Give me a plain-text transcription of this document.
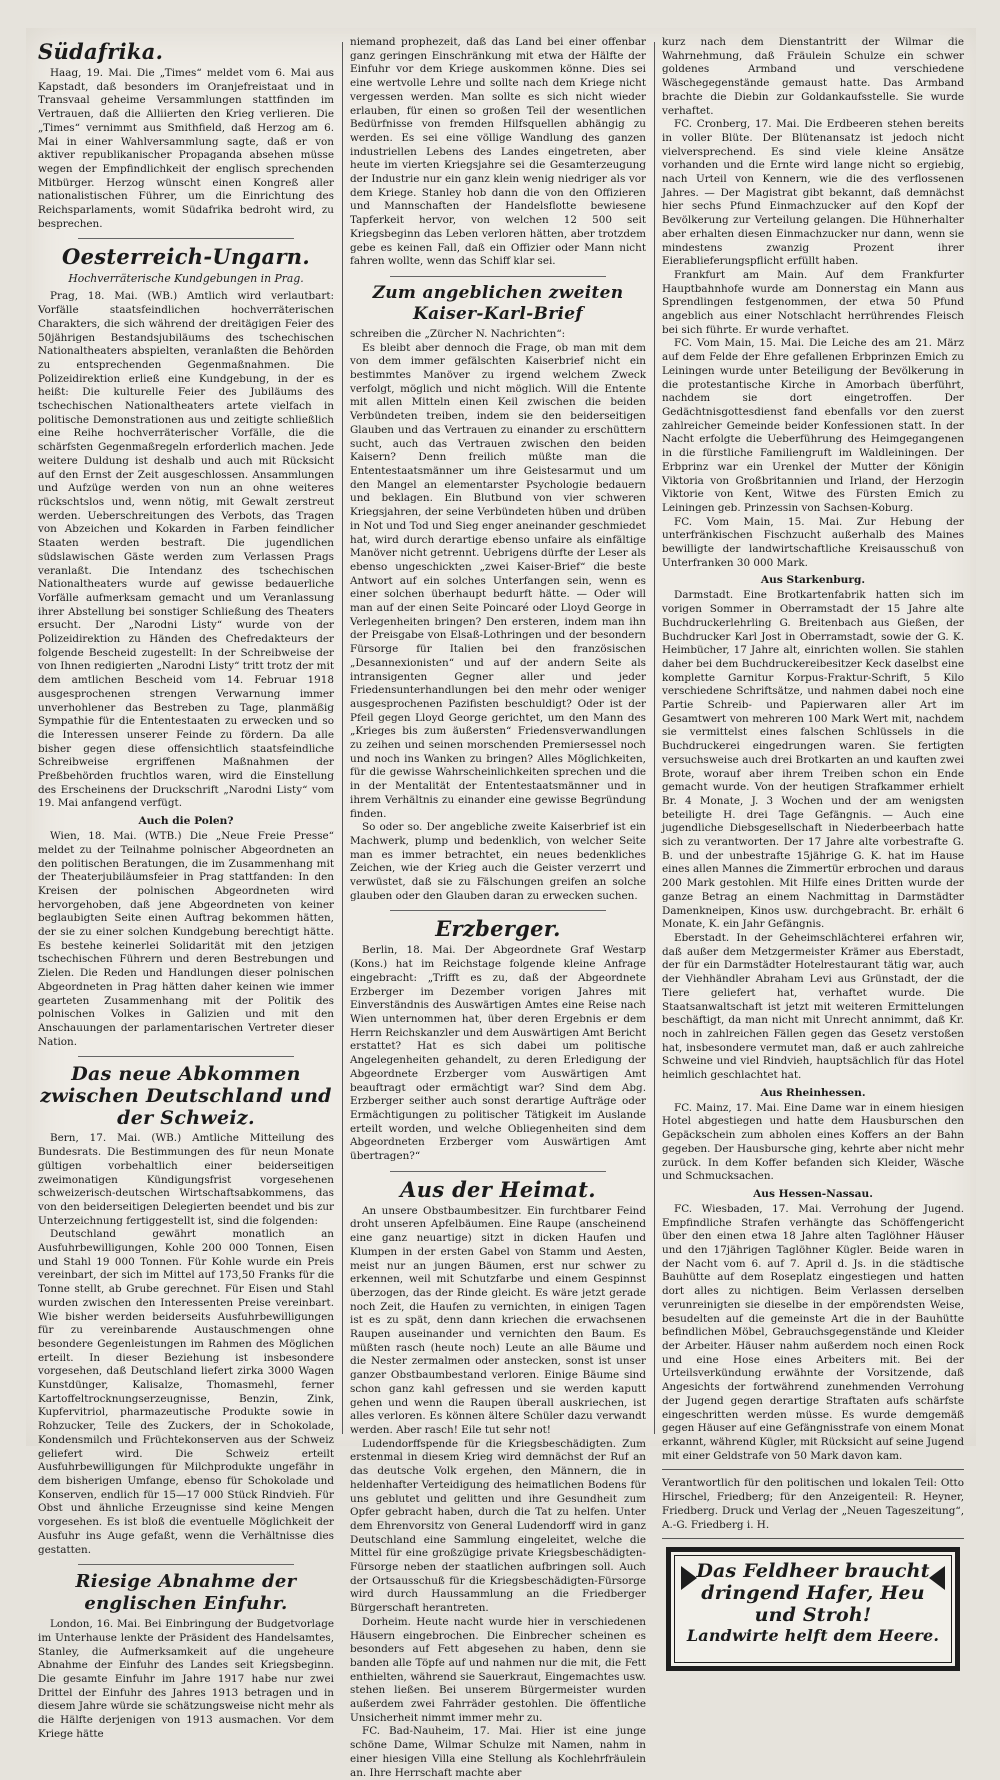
Südafrika.

Haag, 19. Mai. Die „Times“ meldet vom 6. Mai aus Kapstadt, daß besonders im Oranjefreistaat und in Transvaal geheime Versammlungen stattfinden im Vertrauen, daß die Alliierten den Krieg verlieren. Die „Times“ vernimmt aus Smithfield, daß Herzog am 6. Mai in einer Wahlversammlung sagte, daß er von aktiver republikanischer Propaganda absehen müsse wegen der Empfindlichkeit der englisch sprechenden Mitbürger. Herzog wünscht einen Kongreß aller nationalistischen Führer, um die Einrichtung des Reichsparlaments, womit Südafrika bedroht wird, zu besprechen.

Oesterreich-Ungarn.
Hochverräterische Kundgebungen in Prag.

Prag, 18. Mai. (WB.) Amtlich wird verlautbart: Vorfälle staatsfeindlichen hochverräterischen Charakters, die sich während der dreitägigen Feier des 50jährigen Bestandsjubiläums des tschechischen Nationaltheaters abspielten, veranlaßten die Behörden zu entsprechenden Gegenmaßnahmen. Die Polizeidirektion erließ eine Kundgebung, in der es heißt: Die kulturelle Feier des Jubiläums des tschechischen Nationaltheaters artete vielfach in politische Demonstrationen aus und zeitigte schließlich eine Reihe hochverräterischer Vorfälle, die die schärfsten Gegenmaßregeln erforderlich machen. Jede weitere Duldung ist deshalb und auch mit Rücksicht auf den Ernst der Zeit ausgeschlossen. Ansammlungen und Aufzüge werden von nun an ohne weiteres rückschtslos und, wenn nötig, mit Gewalt zerstreut werden. Ueberschreitungen des Verbots, das Tragen von Abzeichen und Kokarden in Farben feindlicher Staaten werden bestraft. Die jugendlichen südslawischen Gäste werden zum Verlassen Prags veranlaßt. Die Intendanz des tschechischen Nationaltheaters wurde auf gewisse bedauerliche Vorfälle aufmerksam gemacht und um Veranlassung ihrer Abstellung bei sonstiger Schließung des Theaters ersucht. Der „Narodni Listy“ wurde von der Polizeidirektion zu Händen des Chefredakteurs der folgende Bescheid zugestellt: In der Schreibweise der von Ihnen redigierten „Narodni Listy“ tritt trotz der mit dem amtlichen Bescheid vom 14. Februar 1918 ausgesprochenen strengen Verwarnung immer unverhohlener das Bestreben zu Tage, planmäßig Sympathie für die Ententestaaten zu erwecken und so die Interessen unserer Feinde zu fördern. Da alle bisher gegen diese offensichtlich staatsfeindliche Schreibweise ergriffenen Maßnahmen der Preßbehörden fruchtlos waren, wird die Einstellung des Erscheinens der Druckschrift „Narodni Listy“ vom 19. Mai anfangend verfügt.

Auch die Polen?

Wien, 18. Mai. (WTB.) Die „Neue Freie Presse“ meldet zu der Teilnahme polnischer Abgeordneten an den politischen Beratungen, die im Zusammenhang mit der Theaterjubiläumsfeier in Prag stattfanden: In den Kreisen der polnischen Abgeordneten wird hervorgehoben, daß jene Abgeordneten von keiner beglaubigten Seite einen Auftrag bekommen hätten, der sie zu einer solchen Kundgebung berechtigt hätte. Es bestehe keinerlei Solidarität mit den jetzigen tschechischen Führern und deren Bestrebungen und Zielen. Die Reden und Handlungen dieser polnischen Abgeordneten in Prag hätten daher keinen wie immer gearteten Zusammenhang mit der Politik des polnischen Volkes in Galizien und mit den Anschauungen der parlamentarischen Vertreter dieser Nation.

Das neue Abkommen zwischen Deutschland und der Schweiz.

Bern, 17. Mai. (WB.) Amtliche Mitteilung des Bundesrats. Die Bestimmungen des für neun Monate gültigen vorbehaltlich einer beiderseitigen zweimonatigen Kündigungsfrist vorgesehenen schweizerisch-deutschen Wirtschaftsabkommens, das von den beiderseitigen Delegierten beendet und bis zur Unterzeichnung fertiggestellt ist, sind die folgenden:

Deutschland gewährt monatlich an Ausfuhrbewilligungen, Kohle 200 000 Tonnen, Eisen und Stahl 19 000 Tonnen. Für Kohle wurde ein Preis vereinbart, der sich im Mittel auf 173,50 Franks für die Tonne stellt, ab Grube gerechnet. Für Eisen und Stahl wurden zwischen den Interessenten Preise vereinbart. Wie bisher werden beiderseits Ausfuhrbewilligungen für zu vereinbarende Austauschmengen ohne besondere Gegenleistungen im Rahmen des Möglichen erteilt. In dieser Beziehung ist insbesondere vorgesehen, daß Deutschland liefert zirka 3000 Wagen Kunstdünger, Kalisalze, Thomasmehl, ferner Kartoffeltrocknungserzeugnisse, Benzin, Zink, Kupfervitriol, pharmazeutische Produkte sowie in Rohzucker, Teile des Zuckers, der in Schokolade, Kondensmilch und Früchtekonserven aus der Schweiz geliefert wird. Die Schweiz erteilt Ausfuhrbewilligungen für Milchprodukte ungefähr in dem bisherigen Umfange, ebenso für Schokolade und Konserven, endlich für 15—17 000 Stück Rindvieh. Für Obst und ähnliche Erzeugnisse sind keine Mengen vorgesehen. Es ist bloß die eventuelle Möglichkeit der Ausfuhr ins Auge gefaßt, wenn die Verhältnisse dies gestatten.

Riesige Abnahme der englischen Einfuhr.

London, 16. Mai. Bei Einbringung der Budgetvorlage im Unterhause lenkte der Präsident des Handelsamtes, Stanley, die Aufmerksamkeit auf die ungeheure Abnahme der Einfuhr des Landes seit Kriegsbeginn. Die gesamte Einfuhr im Jahre 1917 habe nur zwei Drittel der Einfuhr des Jahres 1913 betragen und in diesem Jahre würde sie schätzungsweise nicht mehr als die Hälfte derjenigen von 1913 ausmachen. Vor dem Kriege hätte

niemand prophezeit, daß das Land bei einer offenbar ganz geringen Einschränkung mit etwa der Hälfte der Einfuhr vor dem Kriege auskommen könne. Dies sei eine wertvolle Lehre und sollte nach dem Kriege nicht vergessen werden. Man sollte es sich nicht wieder erlauben, für einen so großen Teil der wesentlichen Bedürfnisse von fremden Hilfsquellen abhängig zu werden. Es sei eine völlige Wandlung des ganzen industriellen Lebens des Landes eingetreten, aber heute im vierten Kriegsjahre sei die Gesamterzeugung der Industrie nur ein ganz klein wenig niedriger als vor dem Kriege. Stanley hob dann die von den Offizieren und Mannschaften der Handelsflotte bewiesene Tapferkeit hervor, von welchen 12 500 seit Kriegsbeginn das Leben verloren hätten, aber trotzdem gebe es keinen Fall, daß ein Offizier oder Mann nicht fahren wollte, wenn das Schiff klar sei.

Zum angeblichen zweiten Kaiser-Karl-Brief

schreiben die „Zürcher N. Nachrichten“:

Es bleibt aber dennoch die Frage, ob man mit dem von dem immer gefälschten Kaiserbrief nicht ein bestimmtes Manöver zu irgend welchem Zweck verfolgt, möglich und nicht möglich. Will die Entente mit allen Mitteln einen Keil zwischen die beiden Verbündeten treiben, indem sie den beiderseitigen Glauben und das Vertrauen zu einander zu erschüttern sucht, auch das Vertrauen zwischen den beiden Kaisern? Denn freilich müßte man die Ententestaatsmänner um ihre Geistesarmut und um den Mangel an elementarster Psychologie bedauern und beklagen. Ein Blutbund von vier schweren Kriegsjahren, der seine Verbündeten hüben und drüben in Not und Tod und Sieg enger aneinander geschmiedet hat, wird durch derartige ebenso unfaire als einfältige Manöver nicht getrennt. Uebrigens dürfte der Leser als ebenso ungeschickten „zwei Kaiser-Brief“ die beste Antwort auf ein solches Unterfangen sein, wenn es einer solchen überhaupt bedurft hätte. — Oder will man auf der einen Seite Poincaré oder Lloyd George in Verlegenheiten bringen? Den ersteren, indem man ihn der Preisgabe von Elsaß-Lothringen und der besondern Fürsorge für Italien bei den französischen „Desannexionisten“ und auf der andern Seite als intransigenten Gegner aller und jeder Friedensunterhandlungen bei den mehr oder weniger ausgesprochenen Pazifisten beschuldigt? Oder ist der Pfeil gegen Lloyd George gerichtet, um den Mann des „Krieges bis zum äußersten“ Friedensverwandlungen zu zeihen und seinen morschenden Premiersessel noch und noch ins Wanken zu bringen? Alles Möglichkeiten, für die gewisse Wahrscheinlichkeiten sprechen und die in der Mentalität der Ententestaatsmänner und in ihrem Verhältnis zu einander eine gewisse Begründung finden.

So oder so. Der angebliche zweite Kaiserbrief ist ein Machwerk, plump und bedenklich, von welcher Seite man es immer betrachtet, ein neues bedenkliches Zeichen, wie der Krieg auch die Geister verzerrt und verwüstet, daß sie zu Fälschungen greifen an solche glauben oder den Glauben daran zu erwecken suchen.

Erzberger.

Berlin, 18. Mai. Der Abgeordnete Graf Westarp (Kons.) hat im Reichstage folgende kleine Anfrage eingebracht: „Trifft es zu, daß der Abgeordnete Erzberger im Dezember vorigen Jahres mit Einverständnis des Auswärtigen Amtes eine Reise nach Wien unternommen hat, über deren Ergebnis er dem Herrn Reichskanzler und dem Auswärtigen Amt Bericht erstattet? Hat es sich dabei um politische Angelegenheiten gehandelt, zu deren Erledigung der Abgeordnete Erzberger vom Auswärtigen Amt beauftragt oder ermächtigt war? Sind dem Abg. Erzberger seither auch sonst derartige Aufträge oder Ermächtigungen zu politischer Tätigkeit im Auslande erteilt worden, und welche Obliegenheiten sind dem Abgeordneten Erzberger vom Auswärtigen Amt übertragen?“

Aus der Heimat.

An unsere Obstbaumbesitzer. Ein furchtbarer Feind droht unseren Apfelbäumen. Eine Raupe (anscheinend eine ganz neuartige) sitzt in dicken Haufen und Klumpen in der ersten Gabel von Stamm und Aesten, meist nur an jungen Bäumen, erst nur schwer zu erkennen, weil mit Schutzfarbe und einem Gespinnst überzogen, das der Rinde gleicht. Es wäre jetzt gerade noch Zeit, die Haufen zu vernichten, in einigen Tagen ist es zu spät, denn dann kriechen die erwachsenen Raupen auseinander und vernichten den Baum. Es müßten rasch (heute noch) Leute an alle Bäume und die Nester zermalmen oder anstecken, sonst ist unser ganzer Obstbaumbestand verloren. Einige Bäume sind schon ganz kahl gefressen und sie werden kaputt gehen und wenn die Raupen überall auskriechen, ist alles verloren. Es können ältere Schüler dazu verwandt werden. Aber rasch! Eile tut sehr not!

Ludendorffspende für die Kriegsbeschädigten. Zum erstenmal in diesem Krieg wird demnächst der Ruf an das deutsche Volk ergehen, den Männern, die in heldenhafter Verteidigung des heimatlichen Bodens für uns geblutet und gelitten und ihre Gesundheit zum Opfer gebracht haben, durch die Tat zu helfen. Unter dem Ehrenvorsitz von General Ludendorff wird in ganz Deutschland eine Sammlung eingeleitet, welche die Mittel für eine großzügige private Kriegsbeschädigten-Fürsorge neben der staatlichen aufbringen soll. Auch der Ortsausschuß für die Kriegsbeschädigten-Fürsorge wird durch Haussammlung an die Friedberger Bürgerschaft herantreten.

Dorheim. Heute nacht wurde hier in verschiedenen Häusern eingebrochen. Die Einbrecher scheinen es besonders auf Fett abgesehen zu haben, denn sie banden alle Töpfe auf und nahmen nur die mit, die Fett enthielten, während sie Sauerkraut, Eingemachtes usw. stehen ließen. Bei unserem Bürgermeister wurden außerdem zwei Fahrräder gestohlen. Die öffentliche Unsicherheit nimmt immer mehr zu.

FC. Bad-Nauheim, 17. Mai. Hier ist eine junge schöne Dame, Wilmar Schulze mit Namen, nahm in einer hiesigen Villa eine Stellung als Kochlehrfräulein an. Ihre Herrschaft machte aber

kurz nach dem Dienstantritt der Wilmar die Wahrnehmung, daß Fräulein Schulze ein schwer goldenes Armband und verschiedene Wäschegegenstände gemaust hatte. Das Armband brachte die Diebin zur Goldankaufsstelle. Sie wurde verhaftet.

FC. Cronberg, 17. Mai. Die Erdbeeren stehen bereits in voller Blüte. Der Blütenansatz ist jedoch nicht vielversprechend. Es sind viele kleine Ansätze vorhanden und die Ernte wird lange nicht so ergiebig, nach Urteil von Kennern, wie die des verflossenen Jahres. — Der Magistrat gibt bekannt, daß demnächst hier sechs Pfund Einmachzucker auf den Kopf der Bevölkerung zur Verteilung gelangen. Die Hühnerhalter aber erhalten diesen Einmachzucker nur dann, wenn sie mindestens zwanzig Prozent ihrer Eierablieferungspflicht erfüllt haben.

Frankfurt am Main. Auf dem Frankfurter Hauptbahnhofe wurde am Donnerstag ein Mann aus Sprendlingen festgenommen, der etwa 50 Pfund angeblich aus einer Notschlacht herrührendes Fleisch bei sich führte. Er wurde verhaftet.

FC. Vom Main, 15. Mai. Die Leiche des am 21. März auf dem Felde der Ehre gefallenen Erbprinzen Emich zu Leiningen wurde unter Beteiligung der Bevölkerung in die protestantische Kirche in Amorbach überführt, nachdem sie dort eingetroffen. Der Gedächtnisgottesdienst fand ebenfalls vor den zuerst zahlreicher Gemeinde beider Konfessionen statt. In der Nacht erfolgte die Ueberführung des Heimgegangenen in die fürstliche Familiengruft im Waldleiningen. Der Erbprinz war ein Urenkel der Mutter der Königin Viktoria von Großbritannien und Irland, der Herzogin Viktorie von Kent, Witwe des Fürsten Emich zu Leiningen geb. Prinzessin von Sachsen-Koburg.

FC. Vom Main, 15. Mai. Zur Hebung der unterfränkischen Fischzucht außerhalb des Maines bewilligte der landwirtschaftliche Kreisausschuß von Unterfranken 30 000 Mark.

Aus Starkenburg.

Darmstadt. Eine Brotkartenfabrik hatten sich im vorigen Sommer in Oberramstadt der 15 Jahre alte Buchdruckerlehrling G. Breitenbach aus Gießen, der Buchdrucker Karl Jost in Oberramstadt, sowie der G. K. Heimbücher, 17 Jahre alt, einrichten wollen. Sie stahlen daher bei dem Buchdruckereibesitzer Keck daselbst eine komplette Garnitur Korpus-Fraktur-Schrift, 5 Kilo verschiedene Schriftsätze, und nahmen dabei noch eine Partie Schreib- und Papierwaren aller Art im Gesamtwert von mehreren 100 Mark Wert mit, nachdem sie vermittelst eines falschen Schlüssels in die Buchdruckerei eingedrungen waren. Sie fertigten versuchsweise auch drei Brotkarten an und kauften zwei Brote, worauf aber ihrem Treiben schon ein Ende gemacht wurde. Von der heutigen Strafkammer erhielt Br. 4 Monate, J. 3 Wochen und der am wenigsten beteiligte H. drei Tage Gefängnis. — Auch eine jugendliche Diebsgesellschaft in Niederbeerbach hatte sich zu verantworten. Der 17 Jahre alte vorbestrafte G. B. und der unbestrafte 15jährige G. K. hat im Hause eines allen Mannes die Zimmertür erbrochen und daraus 200 Mark gestohlen. Mit Hilfe eines Dritten wurde der ganze Betrag an einem Nachmittag in Darmstädter Damenkneipen, Kinos usw. durchgebracht. Br. erhält 6 Monate, K. ein Jahr Gefängnis.

Eberstadt. In der Geheimschlächterei erfahren wir, daß außer dem Metzgermeister Krämer aus Eberstadt, der für ein Darmstädter Hotelrestaurant tätig war, auch der Viehhändler Abraham Levi aus Grünstadt, der die Tiere geliefert hat, verhaftet wurde. Die Staatsanwaltschaft ist jetzt mit weiteren Ermittelungen beschäftigt, da man nicht mit Unrecht annimmt, daß Kr. noch in zahlreichen Fällen gegen das Gesetz verstoßen hat, insbesondere vermutet man, daß er auch zahlreiche Schweine und viel Rindvieh, hauptsächlich für das Hotel heimlich geschlachtet hat.

Aus Rheinhessen.

FC. Mainz, 17. Mai. Eine Dame war in einem hiesigen Hotel abgestiegen und hatte dem Hausburschen den Gepäckschein zum abholen eines Koffers an der Bahn gegeben. Der Hausbursche ging, kehrte aber nicht mehr zurück. In dem Koffer befanden sich Kleider, Wäsche und Schmucksachen.

Aus Hessen-Nassau.

FC. Wiesbaden, 17. Mai. Verrohung der Jugend. Empfindliche Strafen verhängte das Schöffengericht über den einen etwa 18 Jahre alten Taglöhner Häuser und den 17jährigen Taglöhner Kügler. Beide waren in der Nacht vom 6. auf 7. April d. Js. in die städtische Bauhütte auf dem Roseplatz eingestiegen und hatten dort alles zu nichtigen. Beim Verlassen derselben verunreinigten sie dieselbe in der empörendsten Weise, besudelten auf die gemeinste Art die in der Bauhütte befindlichen Möbel, Gebrauchsgegenstände und Kleider der Arbeiter. Häuser nahm außerdem noch einen Rock und eine Hose eines Arbeiters mit. Bei der Urteilsverkündung erwähnte der Vorsitzende, daß Angesichts der fortwährend zunehmenden Verrohung der Jugend gegen derartige Straftaten aufs schärfste eingeschritten werden müsse. Es wurde demgemäß gegen Häuser auf eine Gefängnisstrafe von einem Monat erkannt, während Kügler, mit Rücksicht auf seine Jugend mit einer Geldstrafe von 50 Mark davon kam.

Verantwortlich für den politischen und lokalen Teil: Otto Hirschel, Friedberg; für den Anzeigenteil: R. Heyner, Friedberg. Druck und Verlag der „Neuen Tageszeitung“, A.-G. Friedberg i. H.
Das Feldheer braucht
dringend Hafer, Heu
und Stroh!
Landwirte helft dem Heere.
